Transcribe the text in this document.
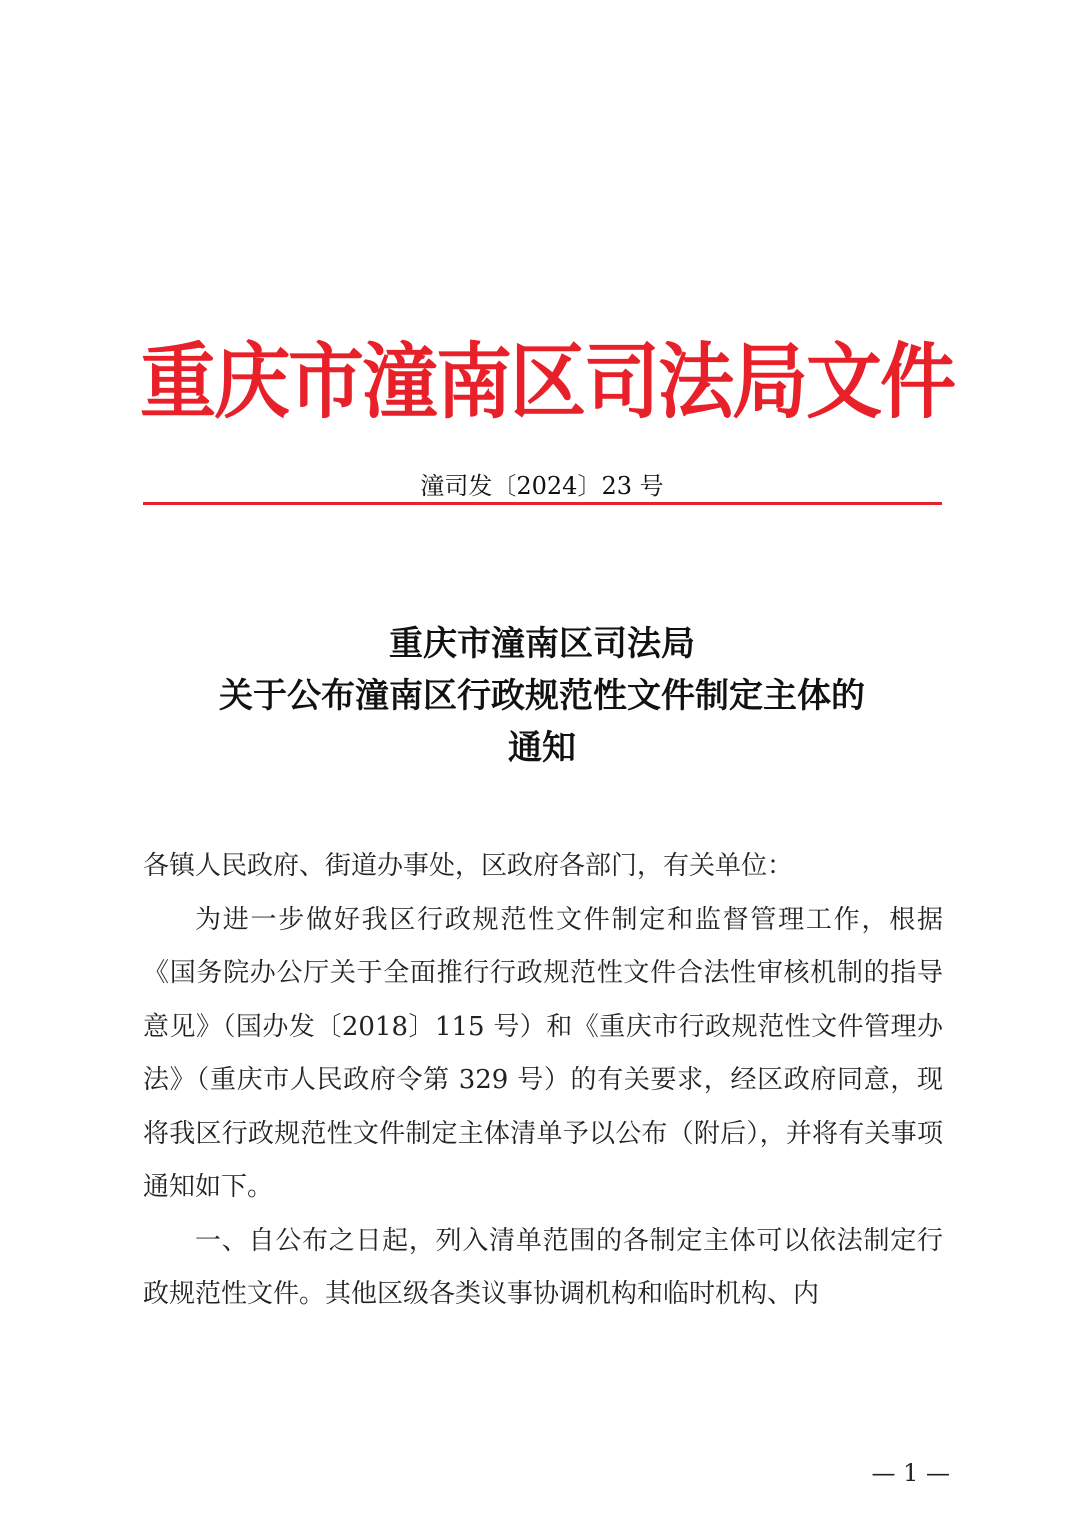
重庆市潼南区司法局文件
潼司发〔2024〕23 号
重庆市潼南区司法局
关于公布潼南区行政规范性文件制定主体的
通知

各镇人民政府、街道办事处，区政府各部门，有关单位：

为进一步做好我区行政规范性文件制定和监督管理工作，根据《国务院办公厅关于全面推行行政规范性文件合法性审核机制的指导意见》（国办发〔2018〕115 号）和《重庆市行政规范性文件管理办法》（重庆市人民政府令第 329 号）的有关要求，经区政府同意，现将我区行政规范性文件制定主体清单予以公布（附后），并将有关事项通知如下。

一、自公布之日起，列入清单范围的各制定主体可以依法制定行政规范性文件。其他区级各类议事协调机构和临时机构、内

— 1 —
